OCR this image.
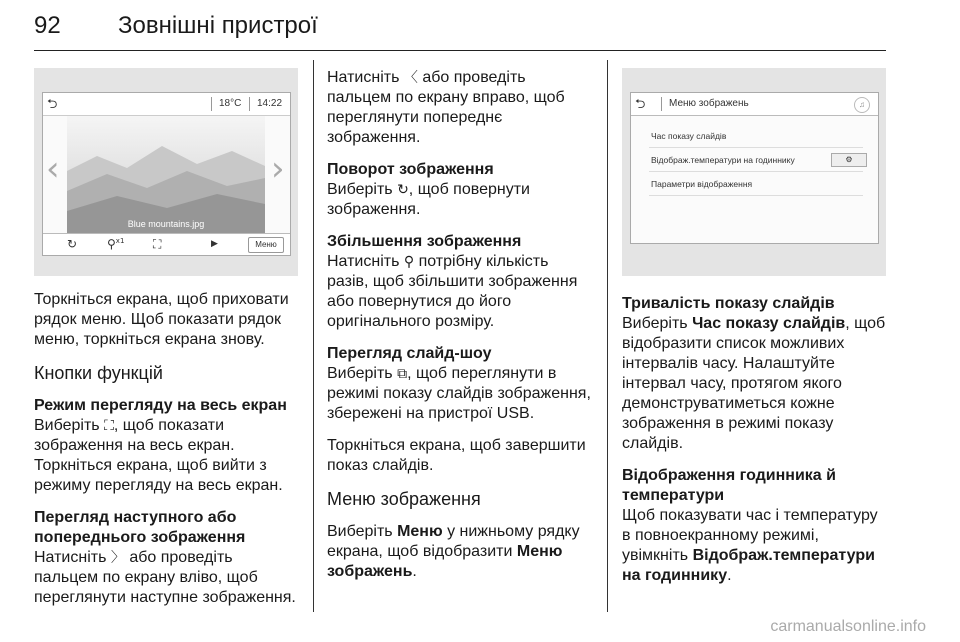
92 Зовнішні пристрої
⮌	18°C 14:22
‹
Blue mountains.jpg
›
↻ ⚲$^{x1}$ ⛶	▶	Меню
⮌ Меню зображень	♫
Час показу слайдів
Відображ.температури на годиннику	⚙
Параметри відображення

Торкніться екрана, щоб приховати рядок меню. Щоб показати рядок меню, торкніться екрана знову.

Кнопки функцій
Режим перегляду на весь екран

Виберіть ⛶, щоб показати зображення на весь екран. Торкніться екрана, щоб вийти з режиму перегляду на весь екран.

Перегляд наступного або попереднього зображення

Натисніть 〉 або проведіть пальцем по екрану вліво, щоб переглянути наступне зображення.

Натисніть 〈 або проведіть пальцем по екрану вправо, щоб переглянути попереднє зображення.

Поворот зображення

Виберіть ↻, щоб повернути зображення.

Збільшення зображення

Натисніть ⚲ потрібну кількість разів, щоб збільшити зображення або повернутися до його оригінального розміру.

Перегляд слайд-шоу

Виберіть ⧉, щоб переглянути в режимі показу слайдів зображення, збережені на пристрої USB.

Торкніться екрана, щоб завершити показ слайдів.

Меню зображення

Виберіть Меню у нижньому рядку екрана, щоб відобразити Меню зображень.

Тривалість показу слайдів

Виберіть Час показу слайдів, щоб відобразити список можливих інтервалів часу. Налаштуйте інтервал часу, протягом якого демонструватиметься кожне зображення в режимі показу слайдів.

Відображення годинника й температури

Щоб показувати час і температуру в повноекранному режимі, увімкніть Відображ.температури на годиннику.

carmanualsonline.info
